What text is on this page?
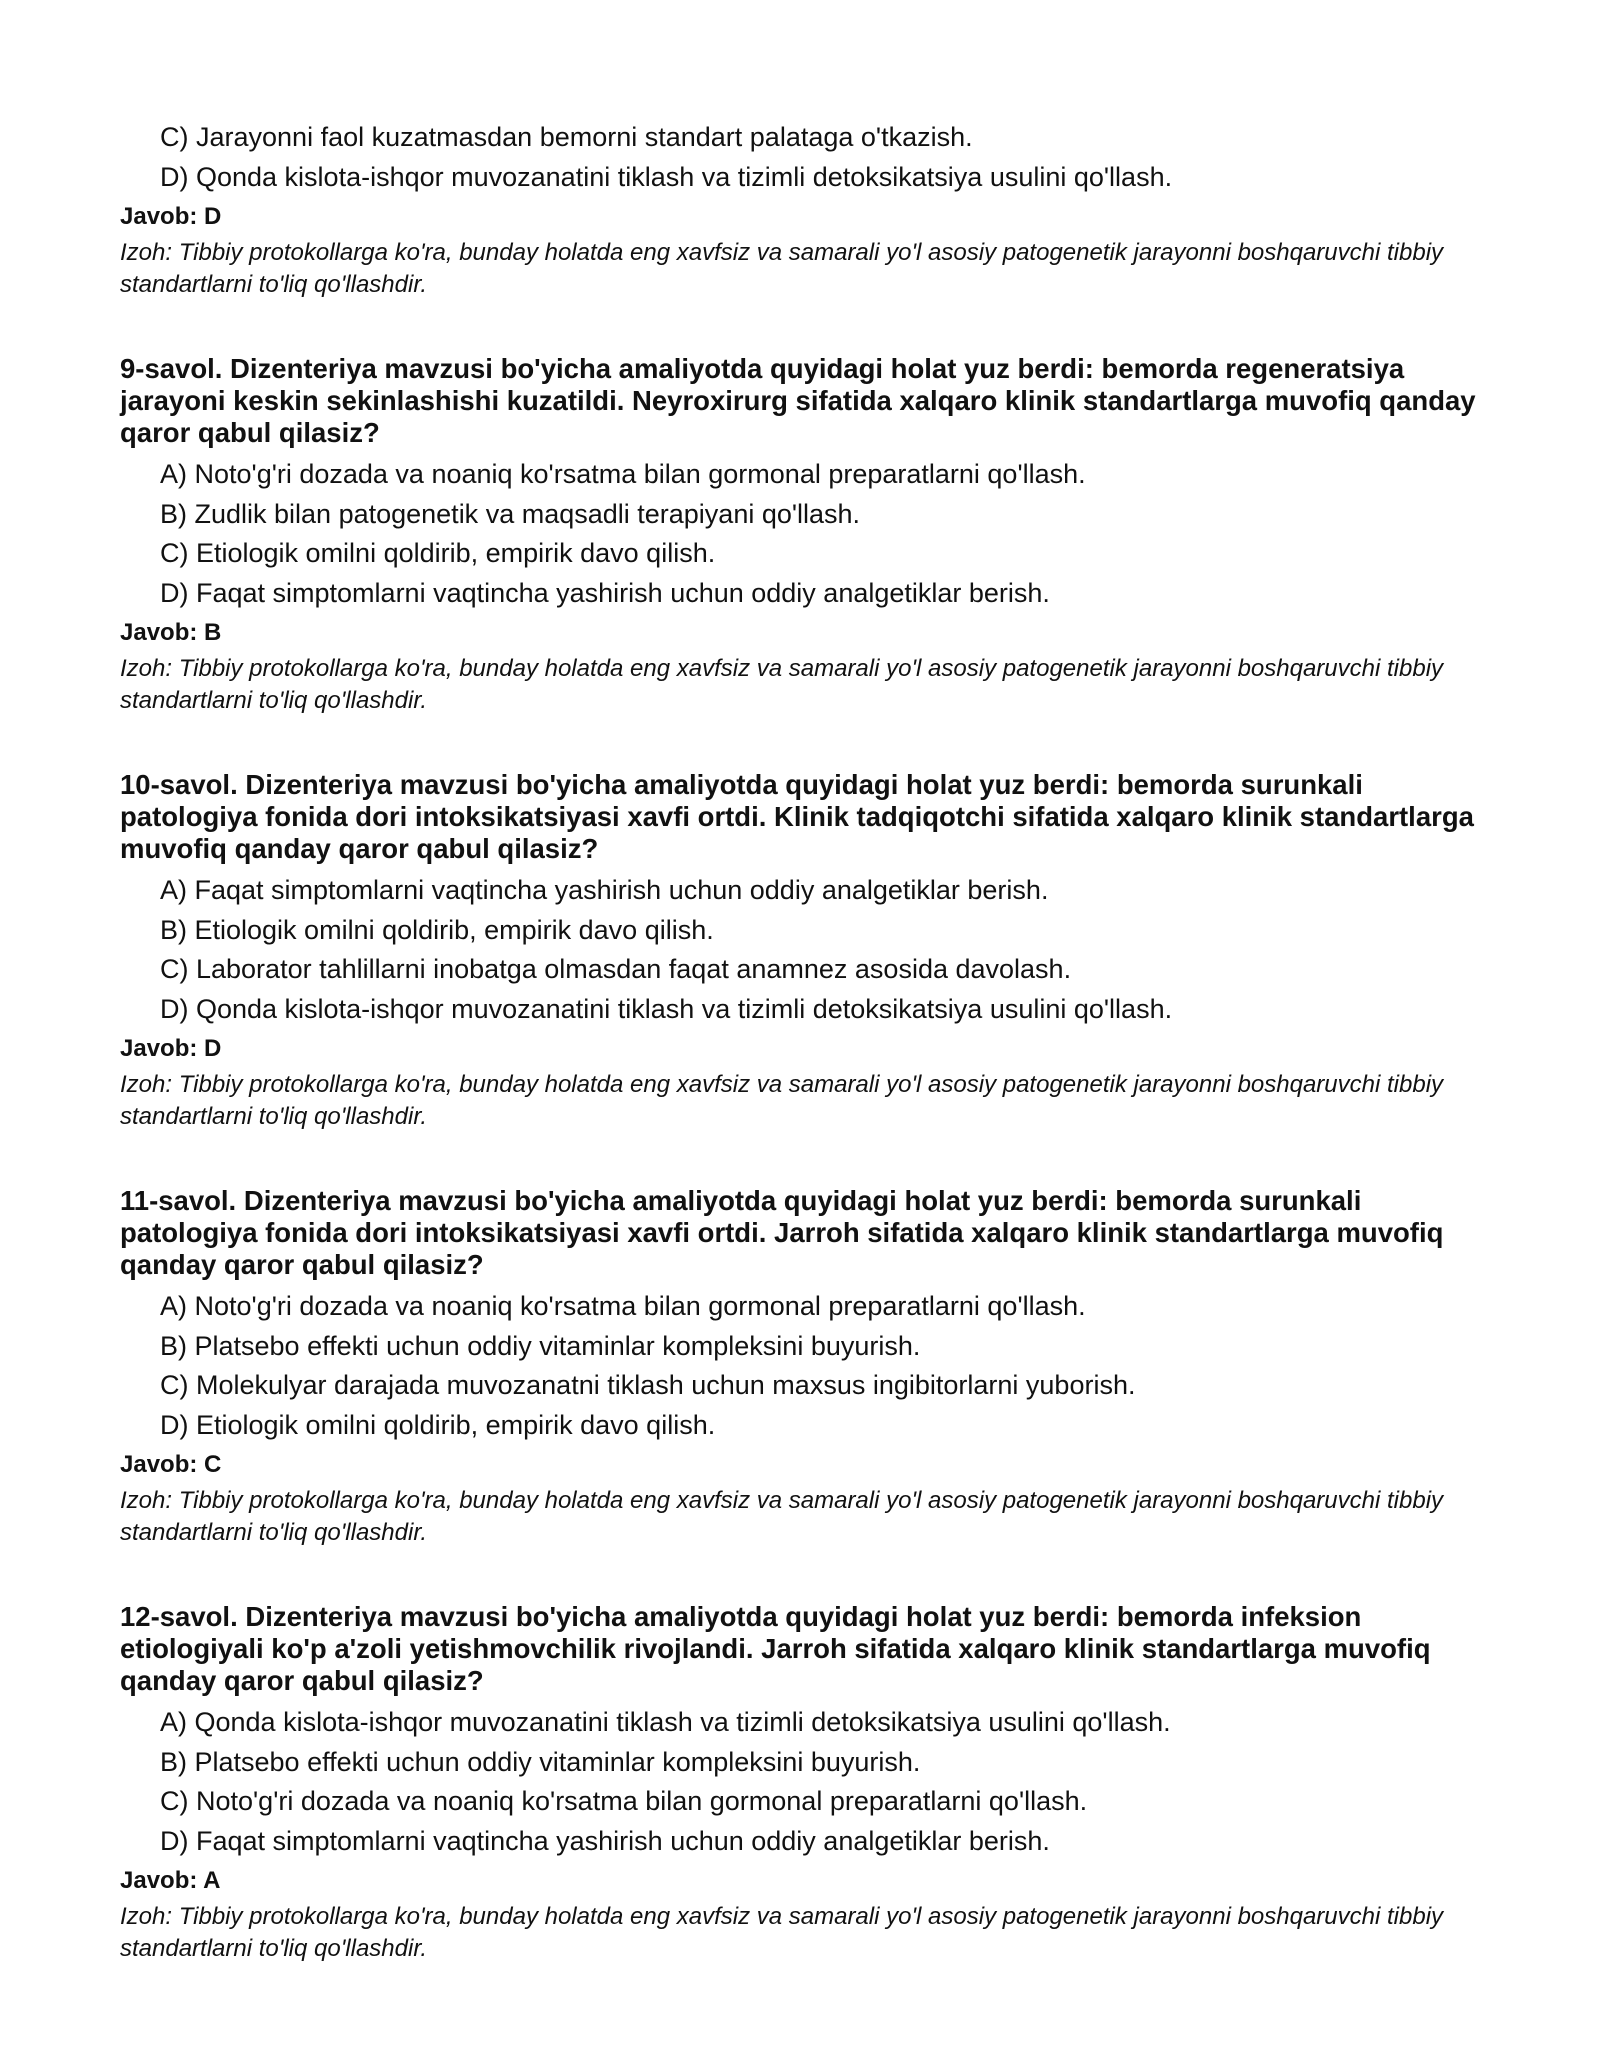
C) Jarayonni faol kuzatmasdan bemorni standart palataga o'tkazish.
D) Qonda kislota-ishqor muvozanatini tiklash va tizimli detoksikatsiya usulini qo'llash.
Javob: D
Izoh: Tibbiy protokollarga ko'ra, bunday holatda eng xavfsiz va samarali yo'l asosiy patogenetik jarayonni boshqaruvchi tibbiy standartlarni to'liq qo'llashdir.
9-savol. Dizenteriya mavzusi bo'yicha amaliyotda quyidagi holat yuz berdi: bemorda regeneratsiya jarayoni keskin sekinlashishi kuzatildi. Neyroxirurg sifatida xalqaro klinik standartlarga muvofiq qanday qaror qabul qilasiz?
A) Noto'g'ri dozada va noaniq ko'rsatma bilan gormonal preparatlarni qo'llash.
B) Zudlik bilan patogenetik va maqsadli terapiyani qo'llash.
C) Etiologik omilni qoldirib, empirik davo qilish.
D) Faqat simptomlarni vaqtincha yashirish uchun oddiy analgetiklar berish.
Javob: B
Izoh: Tibbiy protokollarga ko'ra, bunday holatda eng xavfsiz va samarali yo'l asosiy patogenetik jarayonni boshqaruvchi tibbiy standartlarni to'liq qo'llashdir.
10-savol. Dizenteriya mavzusi bo'yicha amaliyotda quyidagi holat yuz berdi: bemorda surunkali patologiya fonida dori intoksikatsiyasi xavfi ortdi. Klinik tadqiqotchi sifatida xalqaro klinik standartlarga muvofiq qanday qaror qabul qilasiz?
A) Faqat simptomlarni vaqtincha yashirish uchun oddiy analgetiklar berish.
B) Etiologik omilni qoldirib, empirik davo qilish.
C) Laborator tahlillarni inobatga olmasdan faqat anamnez asosida davolash.
D) Qonda kislota-ishqor muvozanatini tiklash va tizimli detoksikatsiya usulini qo'llash.
Javob: D
Izoh: Tibbiy protokollarga ko'ra, bunday holatda eng xavfsiz va samarali yo'l asosiy patogenetik jarayonni boshqaruvchi tibbiy standartlarni to'liq qo'llashdir.
11-savol. Dizenteriya mavzusi bo'yicha amaliyotda quyidagi holat yuz berdi: bemorda surunkali patologiya fonida dori intoksikatsiyasi xavfi ortdi. Jarroh sifatida xalqaro klinik standartlarga muvofiq qanday qaror qabul qilasiz?
A) Noto'g'ri dozada va noaniq ko'rsatma bilan gormonal preparatlarni qo'llash.
B) Platsebo effekti uchun oddiy vitaminlar kompleksini buyurish.
C) Molekulyar darajada muvozanatni tiklash uchun maxsus ingibitorlarni yuborish.
D) Etiologik omilni qoldirib, empirik davo qilish.
Javob: C
Izoh: Tibbiy protokollarga ko'ra, bunday holatda eng xavfsiz va samarali yo'l asosiy patogenetik jarayonni boshqaruvchi tibbiy standartlarni to'liq qo'llashdir.
12-savol. Dizenteriya mavzusi bo'yicha amaliyotda quyidagi holat yuz berdi: bemorda infeksion etiologiyali ko'p a'zoli yetishmovchilik rivojlandi. Jarroh sifatida xalqaro klinik standartlarga muvofiq qanday qaror qabul qilasiz?
A) Qonda kislota-ishqor muvozanatini tiklash va tizimli detoksikatsiya usulini qo'llash.
B) Platsebo effekti uchun oddiy vitaminlar kompleksini buyurish.
C) Noto'g'ri dozada va noaniq ko'rsatma bilan gormonal preparatlarni qo'llash.
D) Faqat simptomlarni vaqtincha yashirish uchun oddiy analgetiklar berish.
Javob: A
Izoh: Tibbiy protokollarga ko'ra, bunday holatda eng xavfsiz va samarali yo'l asosiy patogenetik jarayonni boshqaruvchi tibbiy standartlarni to'liq qo'llashdir.
